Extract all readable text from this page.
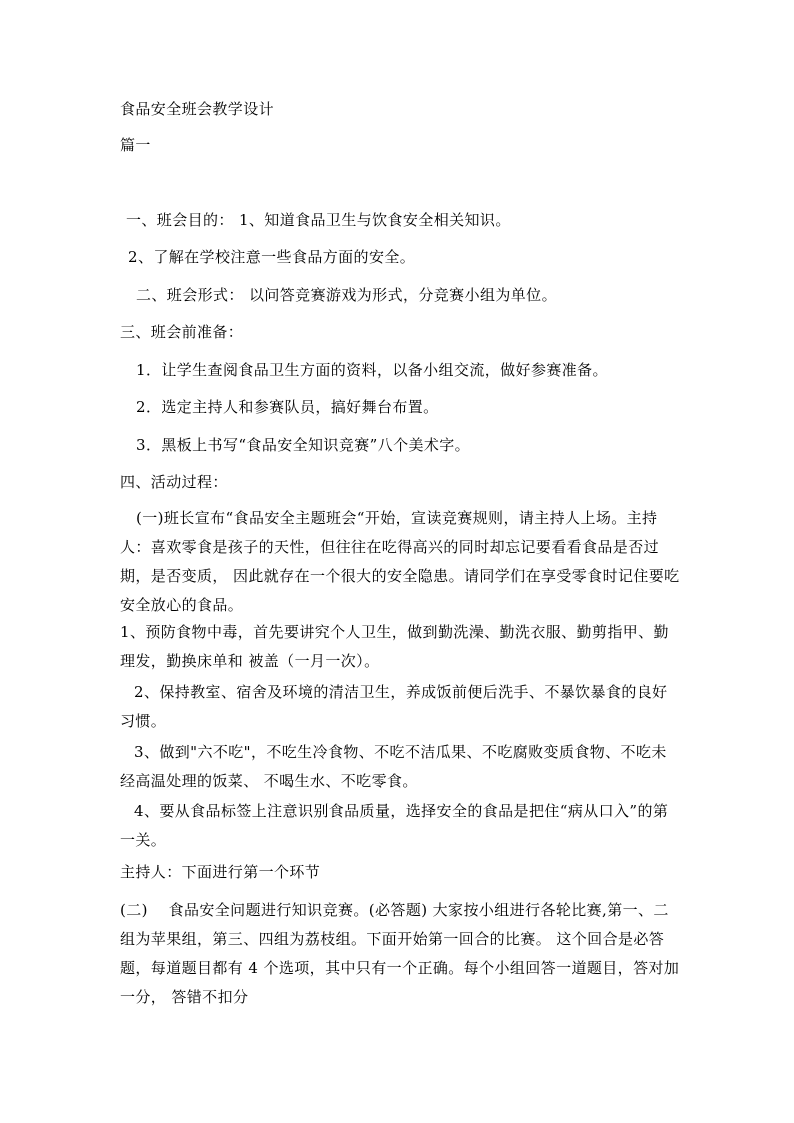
食品安全班会教学设计
篇一
一、班会目的： 1、知道食品卫生与饮食安全相关知识。
2、了解在学校注意一些食品方面的安全。
二、班会形式： 以问答竞赛游戏为形式，分竞赛小组为单位。
三、班会前准备：
1．让学生查阅食品卫生方面的资料，以备小组交流，做好参赛准备。
2．选定主持人和参赛队员，搞好舞台布置。
3．黑板上书写“食品安全知识竞赛”八个美术字。
四、活动过程：
(一)班长宣布“食品安全主题班会“开始，宣读竞赛规则，请主持人上场。主持人：喜欢零食是孩子的天性，但往往在吃得高兴的同时却忘记要看看食品是否过期，是否变质， 因此就存在一个很大的安全隐患。请同学们在享受零食时记住要吃安全放心的食品。
1、预防食物中毒，首先要讲究个人卫生，做到勤洗澡、勤洗衣服、勤剪指甲、勤理发，勤换床单和 被盖（一月一次）。
2、保持教室、宿舍及环境的清洁卫生，养成饭前便后洗手、不暴饮暴食的良好习惯。
3、做到"六不吃"，不吃生冷食物、不吃不洁瓜果、不吃腐败变质食物、不吃未经高温处理的饭菜、 不喝生水、不吃零食。
4、要从食品标签上注意识别食品质量，选择安全的食品是把住“病从口入”的第一关。
主持人：下面进行第一个环节
(二)    食品安全问题进行知识竞赛。(必答题) 大家按小组进行各轮比赛,第一、二组为苹果组，第三、四组为荔枝组。下面开始第一回合的比赛。 这个回合是必答题，每道题目都有 4 个选项，其中只有一个正确。每个小组回答一道题目，答对加一分， 答错不扣分
